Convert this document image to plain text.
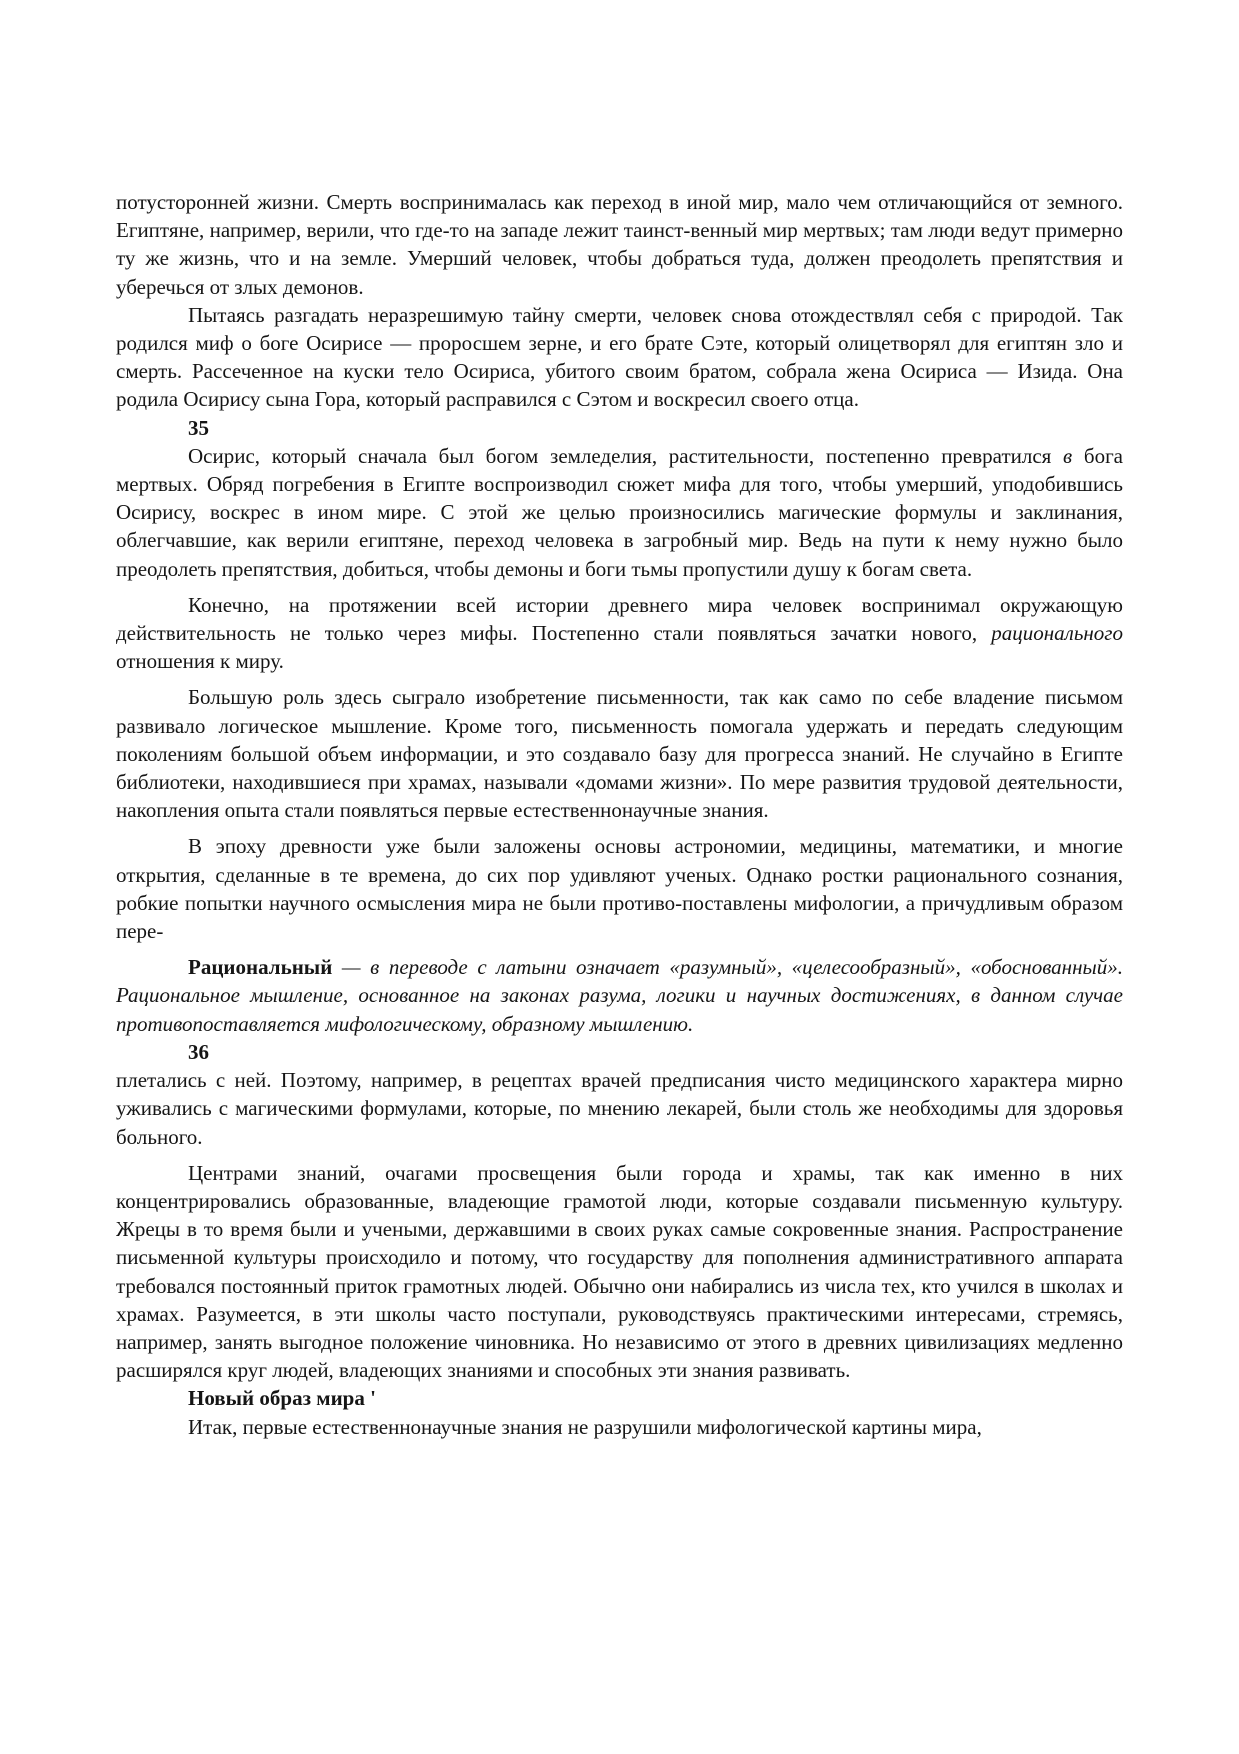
потусторонней жизни. Смерть воспринималась как переход в иной мир, мало чем отличающийся от земного. Египтяне, например, верили, что где-то на западе лежит таинст-венный мир мертвых; там люди ведут примерно ту же жизнь, что и на земле. Умерший человек, чтобы добраться туда, должен преодолеть препятствия и уберечься от злых демонов.

Пытаясь разгадать неразрешимую тайну смерти, человек снова отождествлял себя с природой. Так родился миф о боге Осирисе — проросшем зерне, и его брате Сэте, который олицетворял для египтян зло и смерть. Рассеченное на куски тело Осириса, убитого своим братом, собрала жена Осириса — Изида. Она родила Осирису сына Гора, который расправился с Сэтом и воскресил своего отца.

35

Осирис, который сначала был богом земледелия, растительности, постепенно превратился в бога мертвых. Обряд погребения в Египте воспроизводил сюжет мифа для того, чтобы умерший, уподобившись Осирису, воскрес в ином мире. С этой же целью произносились магические формулы и заклинания, облегчавшие, как верили египтяне, переход человека в загробный мир. Ведь на пути к нему нужно было преодолеть препятствия, добиться, чтобы демоны и боги тьмы пропустили душу к богам света.

Конечно, на протяжении всей истории древнего мира человек воспринимал окружающую действительность не только через мифы. Постепенно стали появляться зачатки нового, рационального отношения к миру.

Большую роль здесь сыграло изобретение письменности, так как само по себе владение письмом развивало логическое мышление. Кроме того, письменность помогала удержать и передать следующим поколениям большой объем информации, и это создавало базу для прогресса знаний. Не случайно в Египте библиотеки, находившиеся при храмах, называли «домами жизни». По мере развития трудовой деятельности, накопления опыта стали появляться первые естественнонаучные знания.

В эпоху древности уже были заложены основы астрономии, медицины, математики, и многие открытия, сделанные в те времена, до сих пор удивляют ученых. Однако ростки рационального сознания, робкие попытки научного осмысления мира не были противо-поставлены мифологии, а причудливым образом пере-

Рациональный — в переводе с латыни означает «разумный», «целесообразный», «обоснованный». Рациональное мышление, основанное на законах разума, логики и научных достижениях, в данном случае противопоставляется мифологическому, образному мышлению.

36

плетались с ней. Поэтому, например, в рецептах врачей предписания чисто медицинского характера мирно уживались с магическими формулами, которые, по мнению лекарей, были столь же необходимы для здоровья больного.

Центрами знаний, очагами просвещения были города и храмы, так как именно в них концентрировались образованные, владеющие грамотой люди, которые создавали письменную культуру. Жрецы в то время были и учеными, державшими в своих руках самые сокровенные знания. Распространение письменной культуры происходило и потому, что государству для пополнения административного аппарата требовался постоянный приток грамотных людей. Обычно они набирались из числа тех, кто учился в школах и храмах. Разумеется, в эти школы часто поступали, руководствуясь практическими интересами, стремясь, например, занять выгодное положение чиновника. Но независимо от этого в древних цивилизациях медленно расширялся круг людей, владеющих знаниями и способных эти знания развивать.

Новый образ мира '

Итак, первые естественнонаучные знания не разрушили мифологической картины мира,
